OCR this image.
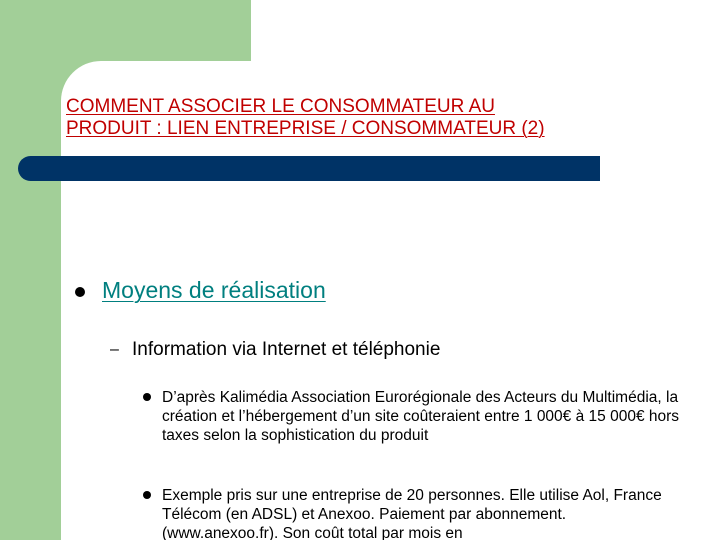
COMMENT ASSOCIER LE CONSOMMATEUR AU
PRODUIT : LIEN ENTREPRISE / CONSOMMATEUR (2)

Moyens de réalisation

– Information via Internet et téléphonie

D’après Kalimédia Association Eurorégionale des Acteurs du Multimédia, la création et l’hébergement d’un site coûteraient entre 1 000€ à 15 000€ hors taxes selon la sophistication du produit

Exemple pris sur une entreprise de 20 personnes. Elle utilise Aol, France Télécom (en ADSL) et Anexoo. Paiement par abonnement. (www.anexoo.fr). Son coût total par mois en
